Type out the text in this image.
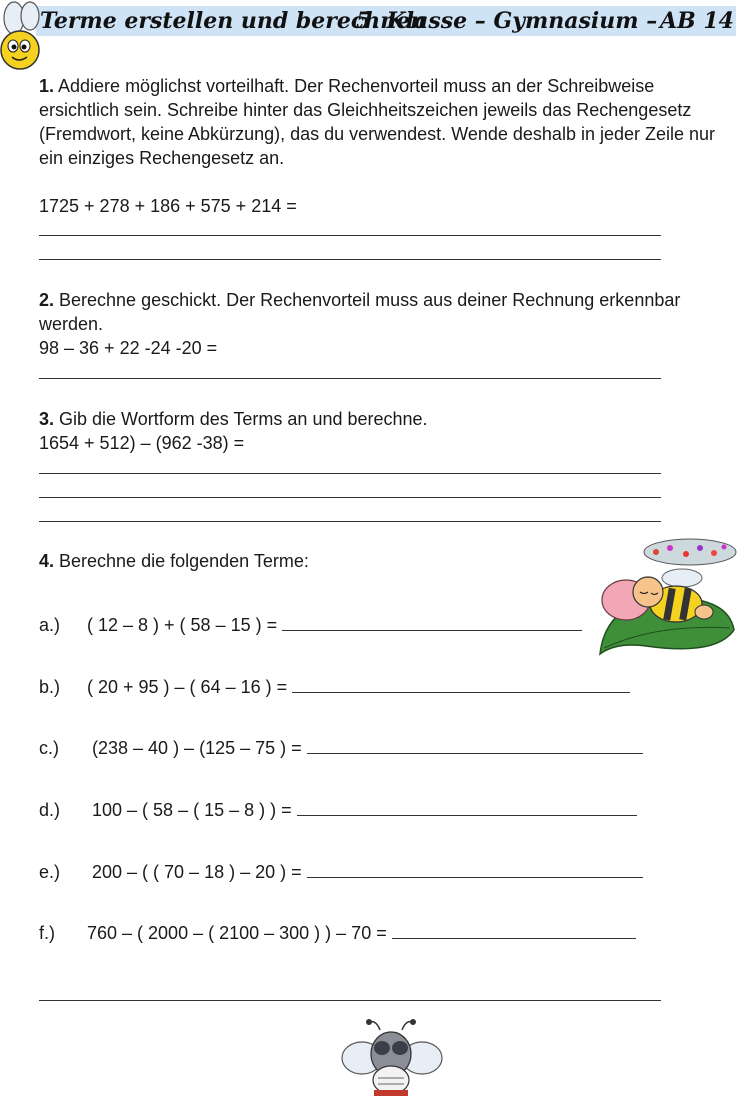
Terme erstellen und berechnen
5. Klasse – Gymnasium – AB 14

1. Addiere möglichst vorteilhaft. Der Rechenvorteil muss an der Schreibweise ersichtlich sein. Schreibe hinter das Gleichheitszeichen jeweils das Rechengesetz (Fremdwort, keine Abkürzung), das du verwendest. Wende deshalb in jeder Zeile nur ein einziges Rechengesetz an.

1725 + 278 + 186 + 575 + 214 =

2. Berechne geschickt. Der Rechenvorteil muss aus deiner Rechnung erkennbar werden.

98 – 36 + 22 -24 -20 =

3. Gib die Wortform des Terms an und berechne.

1654 + 512) – (962 -38) =

4. Berechne die folgenden Terme:

a.) ( 12 – 8 ) + ( 58 – 15 ) =
b.) ( 20 + 95 ) – ( 64 – 16 ) =
c.) (238 – 40 ) – (125 – 75 ) =
d.) 100 – ( 58 – ( 15 – 8 ) ) =
e.) 200 – ( ( 70 – 18 ) – 20 ) =
f.) 760 – ( 2000 – ( 2100 – 300 ) ) – 70 =
